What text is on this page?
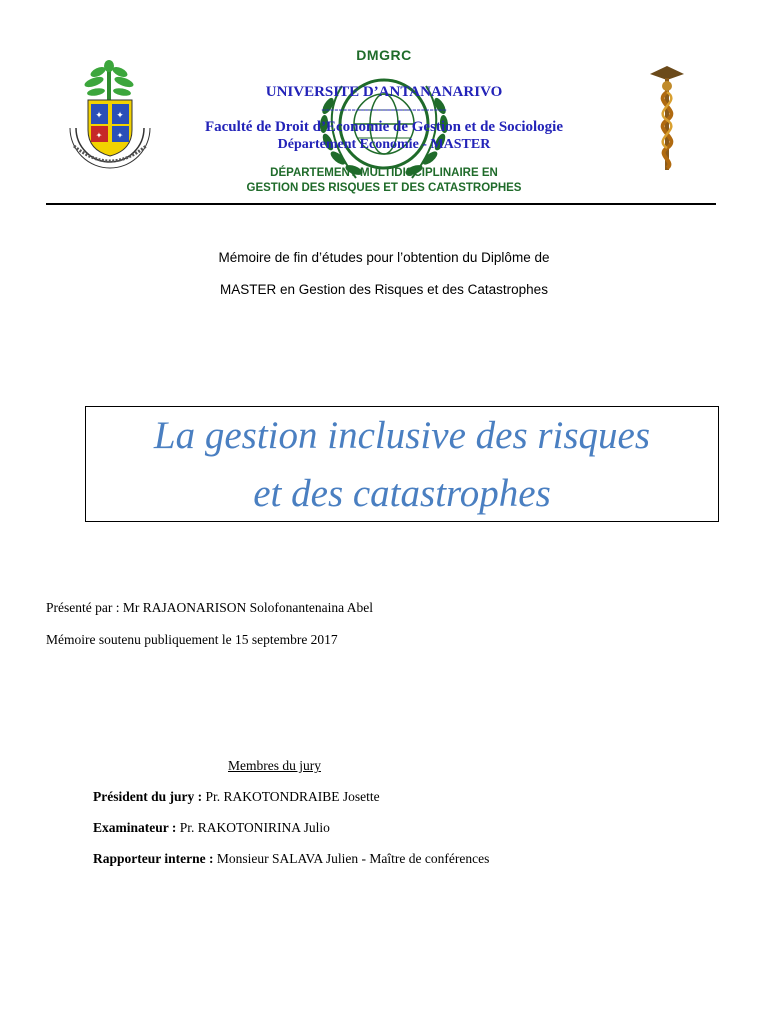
✦ ✦
✦ ✦
DMGRC
UNIVERSITE D’ANTANANARIVO
-----------------------------
Faculté de Droit d’Economie de Gestion et de Sociologie
Département Economie - MASTER
DÉPARTEMENT MULTIDISCIPLINAIRE EN
GESTION DES RISQUES ET DES CATASTROPHES
Mémoire de fin d’études pour l’obtention du Diplôme de
MASTER en Gestion des Risques et des Catastrophes
La gestion inclusive des risques
et des catastrophes
Présenté par : Mr RAJAONARISON Solofonantenaina Abel
Mémoire soutenu publiquement le 15 septembre 2017
Membres du jury
Président du jury : Pr. RAKOTONDRAIBE Josette
Examinateur : Pr. RAKOTONIRINA Julio
Rapporteur interne : Monsieur SALAVA Julien - Maître de conférences
